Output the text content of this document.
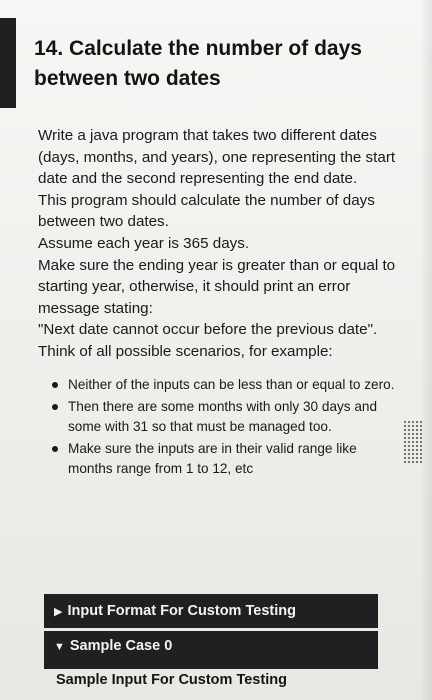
14. Calculate the number of days between two dates

Write a java program that takes two different dates (days, months, and years), one representing the start date and the second representing the end date.

This program should calculate the number of days between two dates.

Assume each year is 365 days.

Make sure the ending year is greater than or equal to starting year, otherwise, it should print an error message stating:

"Next date cannot occur before the previous date".

Think of all possible scenarios, for example:

Neither of the inputs can be less than or equal to zero.
Then there are some months with only 30 days and some with 31 so that must be managed too.
Make sure the inputs are in their valid range like months range from 1 to 12, etc
▶ Input Format For Custom Testing
▼ Sample Case 0
Sample Input For Custom Testing
